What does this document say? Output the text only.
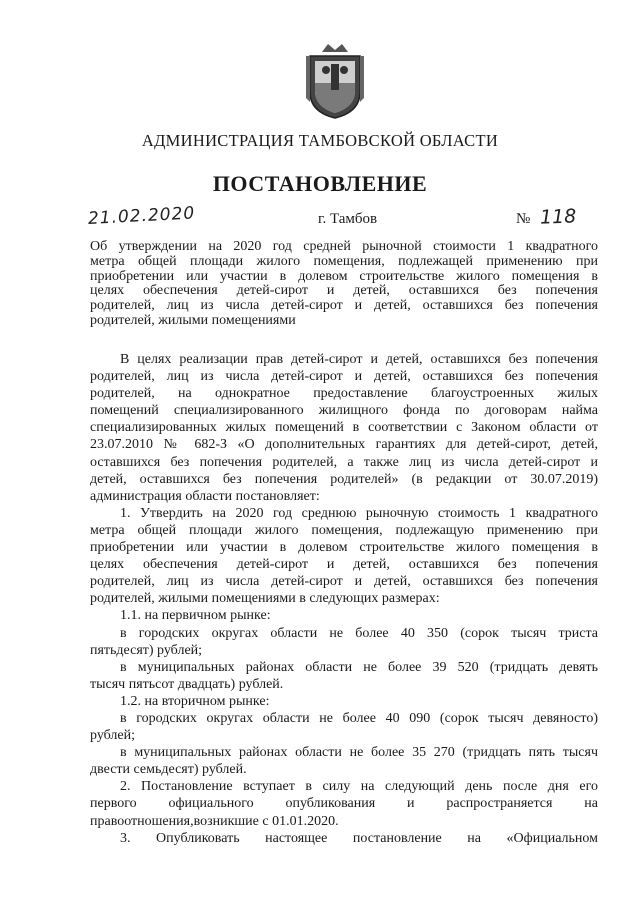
АДМИНИСТРАЦИЯ ТАМБОВСКОЙ ОБЛАСТИ
ПОСТАНОВЛЕНИЕ
21.02.2020	г. Тамбов	№ 118
Об утверждении на 2020 год средней рыночной стоимости 1 квадратного
метра общей площади жилого помещения, подлежащей применению при
приобретении или участии в долевом строительстве жилого помещения в
целях обеспечения детей-сирот и детей, оставшихся без попечения
родителей, лиц из числа детей-сирот и детей, оставшихся без попечения
родителей, жилыми помещениями
В целях реализации прав детей-сирот и детей, оставшихся без попечения
родителей, лиц из числа детей-сирот и детей, оставшихся без попечения
родителей, на однократное предоставление благоустроенных жилых
помещений специализированного жилищного фонда по договорам найма
специализированных жилых помещений в соответствии с Законом области от
23.07.2010 № 682-З «О дополнительных гарантиях для детей-сирот, детей,
оставшихся без попечения родителей, а также лиц из числа детей-сирот и
детей, оставшихся без попечения родителей» (в редакции от 30.07.2019)
администрация области постановляет:
1. Утвердить на 2020 год среднюю рыночную стоимость 1 квадратного
метра общей площади жилого помещения, подлежащую применению при
приобретении или участии в долевом строительстве жилого помещения в
целях обеспечения детей-сирот и детей, оставшихся без попечения
родителей, лиц из числа детей-сирот и детей, оставшихся без попечения
родителей, жилыми помещениями в следующих размерах:
1.1. на первичном рынке:
в городских округах области не более 40 350 (сорок тысяч триста
пятьдесят) рублей;
в муниципальных районах области не более 39 520 (тридцать девять
тысяч пятьсот двадцать) рублей.
1.2. на вторичном рынке:
в городских округах области не более 40 090 (сорок тысяч девяносто)
рублей;
в муниципальных районах области не более 35 270 (тридцать пять тысяч
двести семьдесят) рублей.
2. Постановление вступает в силу на следующий день после дня его
первого официального опубликования и распространяется на
правоотношения,возникшие с 01.01.2020.
3. Опубликовать настоящее постановление на «Официальном
